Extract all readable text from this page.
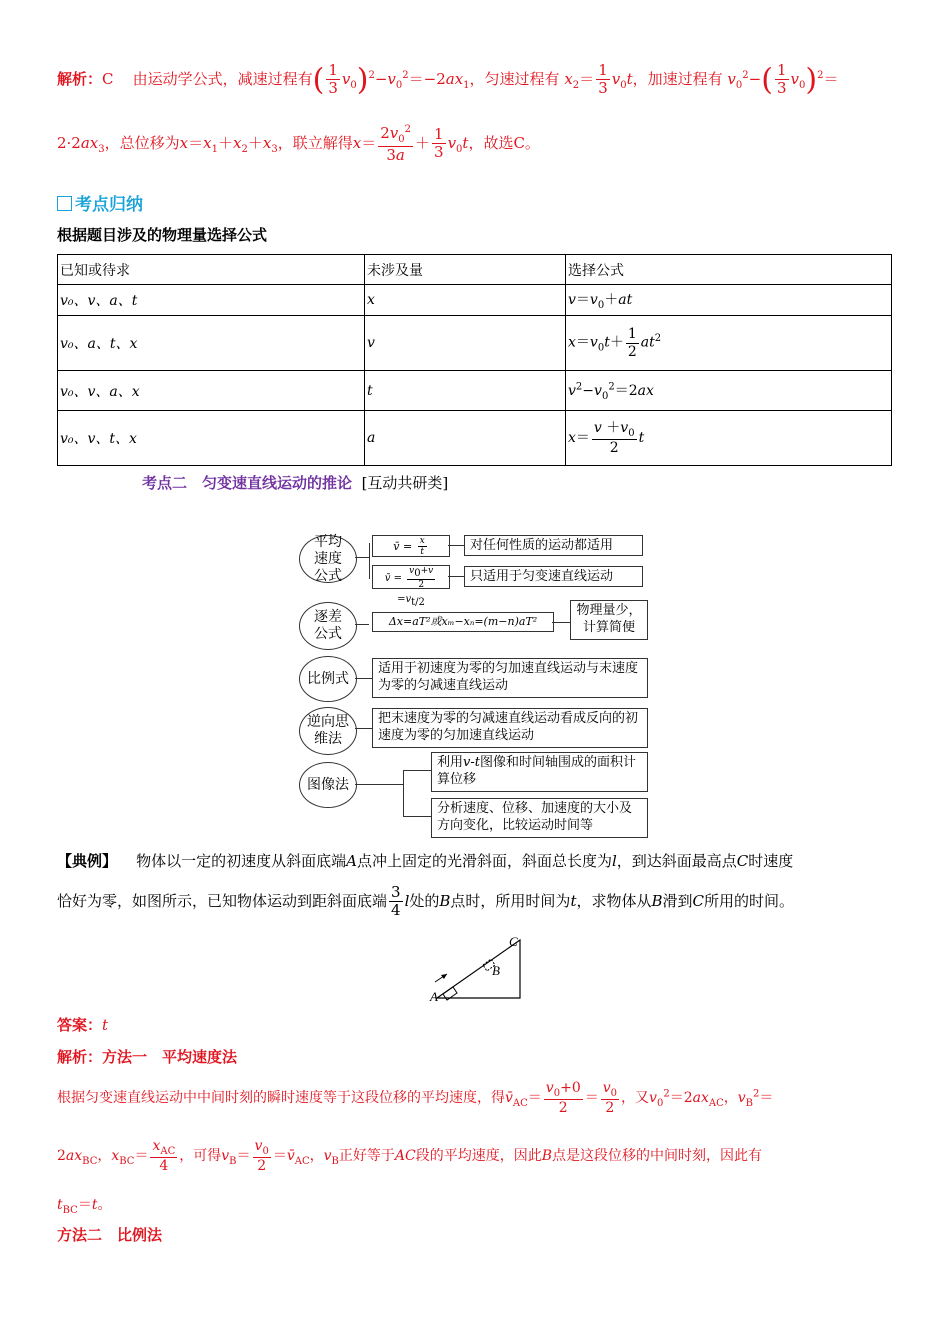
解析：C 由运动学公式，减速过程有( $\frac{1}{3} v_0)^2-v_0^2=-2ax_1$，匀速过程有 $x_2= \frac{1}{3} v_0t$，加速过程有 $v_0^2-( \frac{1}{3} v_0)^2=$
$2\cdot 2ax_3$，总位移为$x=x_1+x_2+x_3$，联立解得$x= \frac{2v_0^2}{3a} + \frac{1}{3} v_0t$，故选C。
考点归纳
根据题目涉及的物理量选择公式
已知或待求	未涉及量	选择公式
v₀、v、a、t	x	$v=v_0+at$
v₀、a、t、x	v	$x=v_0t+ \frac{1}{2} at^2$
v₀、v、a、x	t	$v^2-v_0^2=2ax$
v₀、v、t、x	a	$x= \frac{v +v_0}{2}$ t
考点二　匀变速直线运动的推论 [互动共研类]
平均速度公式
v̄ = $\frac{x}{t}$
v̄ = $\frac{v_0+v}{2}$
$=v_{t/2}$
对任何性质的运动都适用
只适用于匀变速直线运动
逐差公式
Δx=aT²或xₘ−xₙ=(m−n)aT²
物理量少，计算简便
比例式
适用于初速度为零的匀加速直线运动与末速度为零的匀减速直线运动
逆向思维法
把末速度为零的匀减速直线运动看成反向的初速度为零的匀加速直线运动
图像法
利用v-t图像和时间轴围成的面积计算位移
分析速度、位移、加速度的大小及方向变化，比较运动时间等
【典例】 物体以一定的初速度从斜面底端A点冲上固定的光滑斜面，斜面总长度为l，到达斜面最高点C时速度
恰好为零，如图所示，已知物体运动到距斜面底端 $\frac{3}{4}$ l处的B点时，所用时间为t，求物体从B滑到C所用的时间。
A
B
C
答案：t
解析：方法一　平均速度法
根据匀变速直线运动中中间时刻的瞬时速度等于这段位移的平均速度，得$v̄_{AC}= \frac{v_0+0}{2} = \frac{v_0}{2}$ ，又$v_0^2=2ax_{AC}$，$v_B^2=$
$2ax_{BC}$，$x_{BC}= \frac{x_{AC}}{4}$ ，可得$v_B= \frac{v_0}{2}$ $=v̄_{AC}$，$v_B$正好等于AC段的平均速度，因此B点是这段位移的中间时刻，因此有
$t_{BC}=t$。
方法二　比例法
